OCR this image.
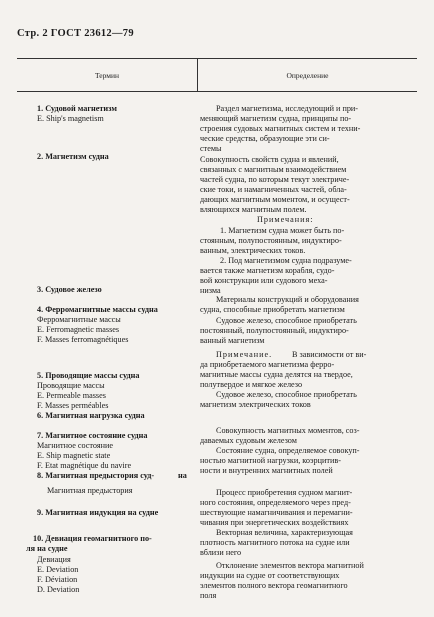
Стр. 2 ГОСТ 23612—79
Термин	Определение
1. Судовой магнетизм
E. Ship's magnetism
2. Магнетизм судна
3. Судовое железо
4. Ферромагнитные массы судна
Ферромагнитные массы
E. Ferromagnetic masses
F. Masses ferromagnétiques
5. Проводящие массы судна
Проводящие массы
E. Permeable masses
F. Masses perméables
6. Магнитная нагрузка судна
7. Магнитное состояние судна
Магнитное состояние
E. Ship magnetic state
F. Etat magnétique du navire
8. Магнитная предыстория суд-	на
Магнитная предыстория
9. Магнитная индукция на судне
10. Девиация геомагнитного по-
ля на судне
Девиация
E. Deviation
F. Déviation
D. Deviation
Раздел магнетизма, исследующий и при-
меняющий магнетизм судна, принципы по-
строения судовых магнитных систем и техни-
ческие средства, образующие эти си-
стемы
Совокупность свойств судна и явлений,
связанных с магнитным взаимодействием
частей судна, по которым текут электриче-
ские токи, и намагниченных частей, обла-
дающих магнитным моментом, и осущест-
вляющихся магнитным полем.
Примечания:
1. Магнетизм судна может быть по-
стоянным, полупостоянным, индуктиро-
ванным, электрических токов.
2. Под магнетизмом судна подразуме-
вается также магнетизм корабля, судо-
вой конструкции или судового меха-
низма
Материалы конструкций и оборудования
судна, способные приобретать магнетизм
Судовое железо, способное приобретать
постоянный, полупостоянный, индуктиро-
ванный магнетизм
Примечание. В зависимости от ви-
да приобретаемого магнетизма ферро-
магнитные массы судна делятся на твердое,
полутвердое и мягкое железо
Судовое железо, способное приобретать
магнетизм электрических токов
Совокупность магнитных моментов, соз-
даваемых судовым железом
Состояние судна, определяемое совокуп-
ностью магнитной нагрузки, коэрцитив-
ности и внутренних магнитных полей
Процесс приобретения судном магнит-
ного состояния, определяемого через пред-
шествующие намагничивания и перемагни-
чивания при энергетических воздействиях
Векторная величина, характеризующая
плотность магнитного потока на судне или
вблизи него
Отклонение элементов вектора магнитной
индукции на судне от соответствующих
элементов полного вектора геомагнитного
поля
